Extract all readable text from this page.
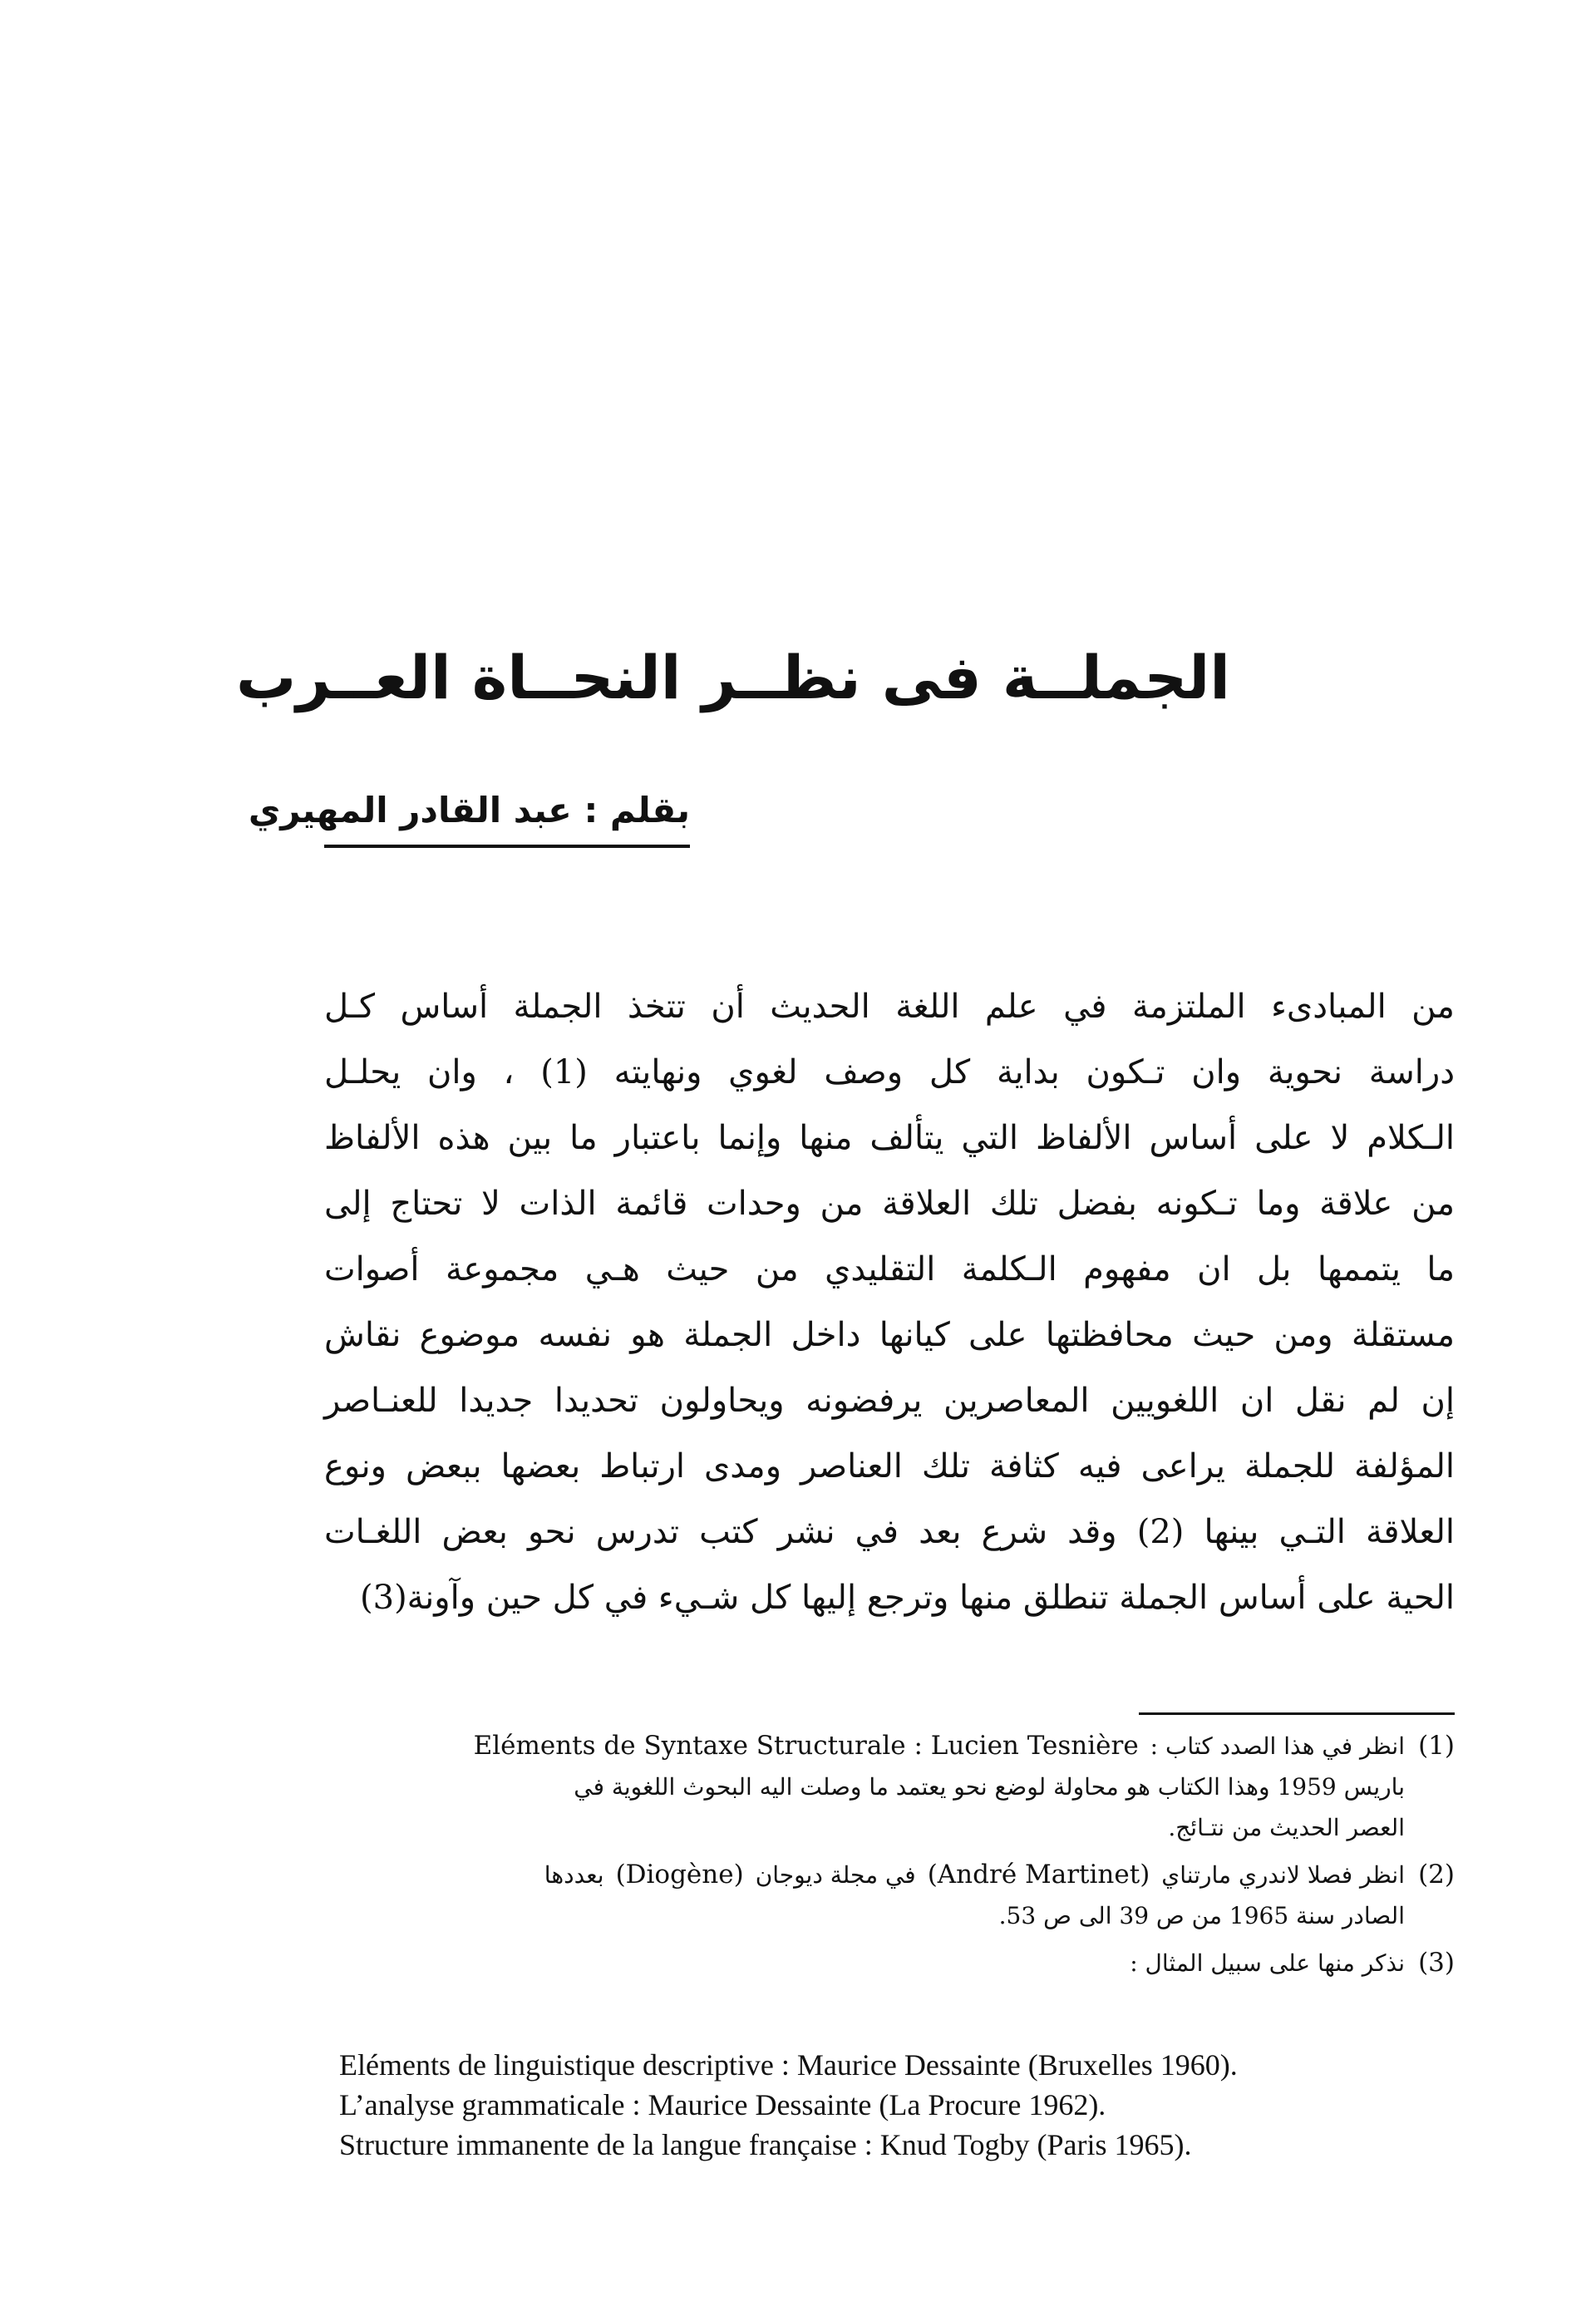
الجملــة فى نظــر النحــاة العــرب
بقلم : عبد القادر المهيري
من المبادىء الملتزمة في علم اللغة الحديث أن تتخذ الجملة أساس كـل
دراسة نحوية وان تـكون بداية كل وصف لغوي ونهايته (1) ، وان يحلـل
الـكلام لا على أساس الألفاظ التي يتألف منها وإنما باعتبار ما بين هذه الألفاظ
من علاقة وما تـكونه بفضل تلك العلاقة من وحدات قائمة الذات لا تحتاج إلى
ما يتممها بل ان مفهوم الـكلمة التقليدي من حيث هـي مجموعة أصوات
مستقلة ومن حيث محافظتها على كيانها داخل الجملة هو نفسه موضوع نقاش
إن لم نقل ان اللغويين المعاصرين يرفضونه ويحاولون تحديدا جديدا للعنـاصر
المؤلفة للجملة يراعى فيه كثافة تلك العناصر ومدى ارتباط بعضها ببعض ونوع
العلاقة التـي بينها (2) وقد شرع بعد في نشر كتب تدرس نحو بعض اللغـات
الحية على أساس الجملة تنطلق منها وترجع إليها كل شـيء في كل حين وآونة(3)
(1)
انظر في هذا الصدد كتاب :
Eléments de Syntaxe Structurale : Lucien Tesnière
باريس 1959 وهذا الكتاب هو محاولة لوضع نحو يعتمد ما وصلت اليه البحوث اللغوية في
العصر الحديث من نتـائج.
(2)
انظر فصلا لاندري مارتناي
(André Martinet)
في مجلة ديوجان
(Diogène)
بعددها
الصادر سنة 1965 من ص 39 الى ص 53.
(3)
نذكر منها على سبيل المثال :
Eléments de linguistique descriptive : Maurice Dessainte (Bruxelles 1960).
L’analyse grammaticale : Maurice Dessainte (La Procure 1962).
Structure immanente de la langue française : Knud Togby (Paris 1965).
